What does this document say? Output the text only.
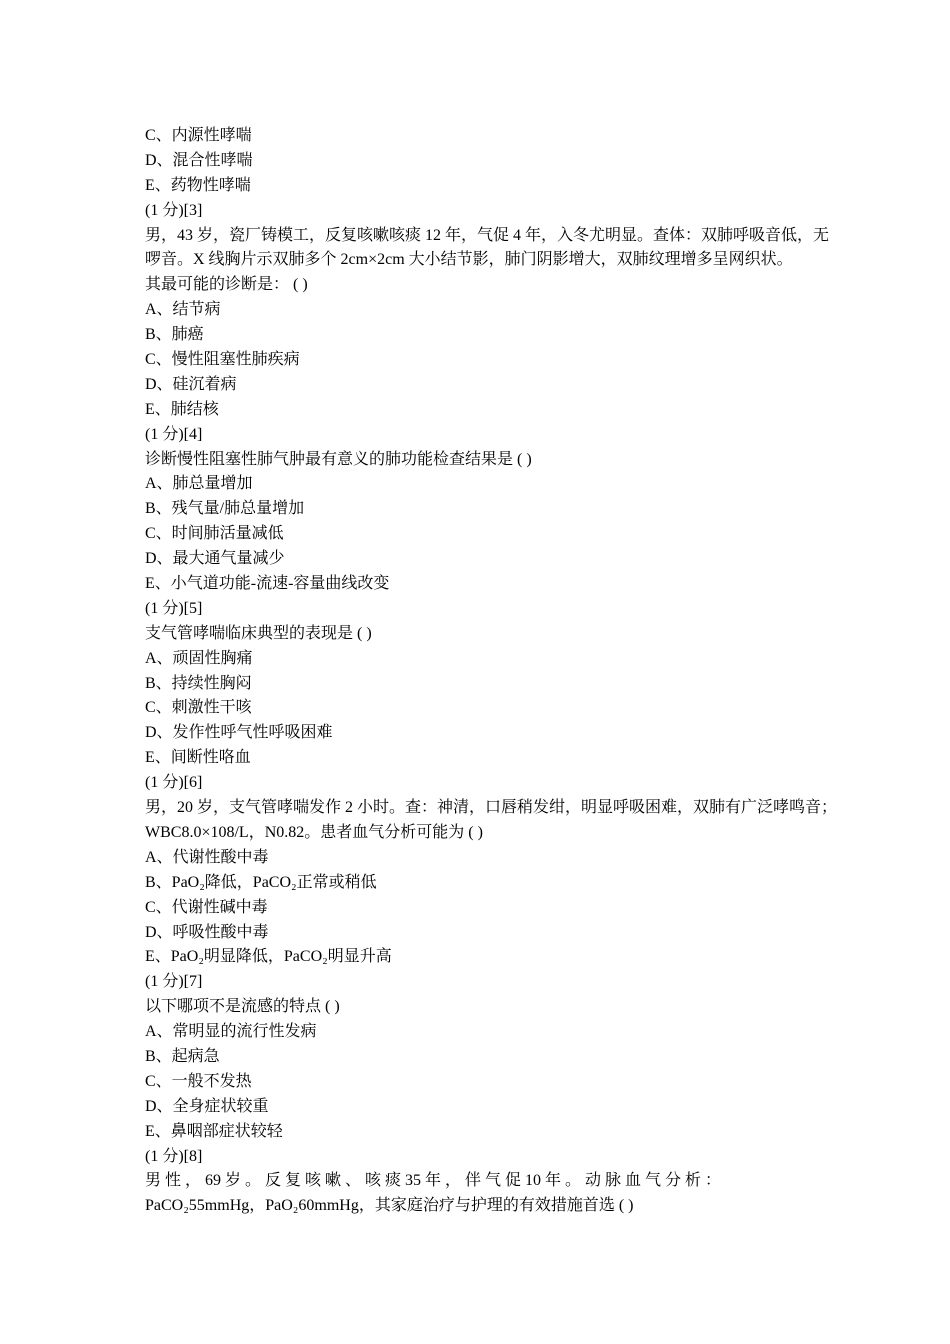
C、内源性哮喘
D、混合性哮喘
E、药物性哮喘
(1 分)[3]
男，43 岁，瓷厂铸模工，反复咳嗽咳痰 12 年，气促 4 年，入冬尤明显。查体：双肺呼吸音低，无
啰音。X 线胸片示双肺多个 2cm×2cm 大小结节影，肺门阴影增大，双肺纹理增多呈网织状。
其最可能的诊断是： ( )
A、结节病
B、肺癌
C、慢性阻塞性肺疾病
D、硅沉着病
E、肺结核
(1 分)[4]
诊断慢性阻塞性肺气肿最有意义的肺功能检查结果是 ( )
A、肺总量增加
B、残气量/肺总量增加
C、时间肺活量减低
D、最大通气量减少
E、小气道功能-流速-容量曲线改变
(1 分)[5]
支气管哮喘临床典型的表现是 ( )
A、顽固性胸痛
B、持续性胸闷
C、刺激性干咳
D、发作性呼气性呼吸困难
E、间断性咯血
(1 分)[6]
男，20 岁，支气管哮喘发作 2 小时。查：神清，口唇稍发绀，明显呼吸困难，双肺有广泛哮鸣音；
WBC8.0×108/L，N0.82。患者血气分析可能为 ( )
A、代谢性酸中毒
B、PaO₂降低，PaCO₂正常或稍低
C、代谢性碱中毒
D、呼吸性酸中毒
E、PaO₂明显降低，PaCO₂明显升高
(1 分)[7]
以下哪项不是流感的特点 ( )
A、常明显的流行性发病
B、起病急
C、一般不发热
D、全身症状较重
E、鼻咽部症状较轻
(1 分)[8]
男 性 ， 69 岁 。 反 复 咳 嗽 、 咳 痰 35 年 ， 伴 气 促 10 年 。 动 脉 血 气 分 析 ：
PaCO₂55mmHg，PaO₂60mmHg，其家庭治疗与护理的有效措施首选 ( )
